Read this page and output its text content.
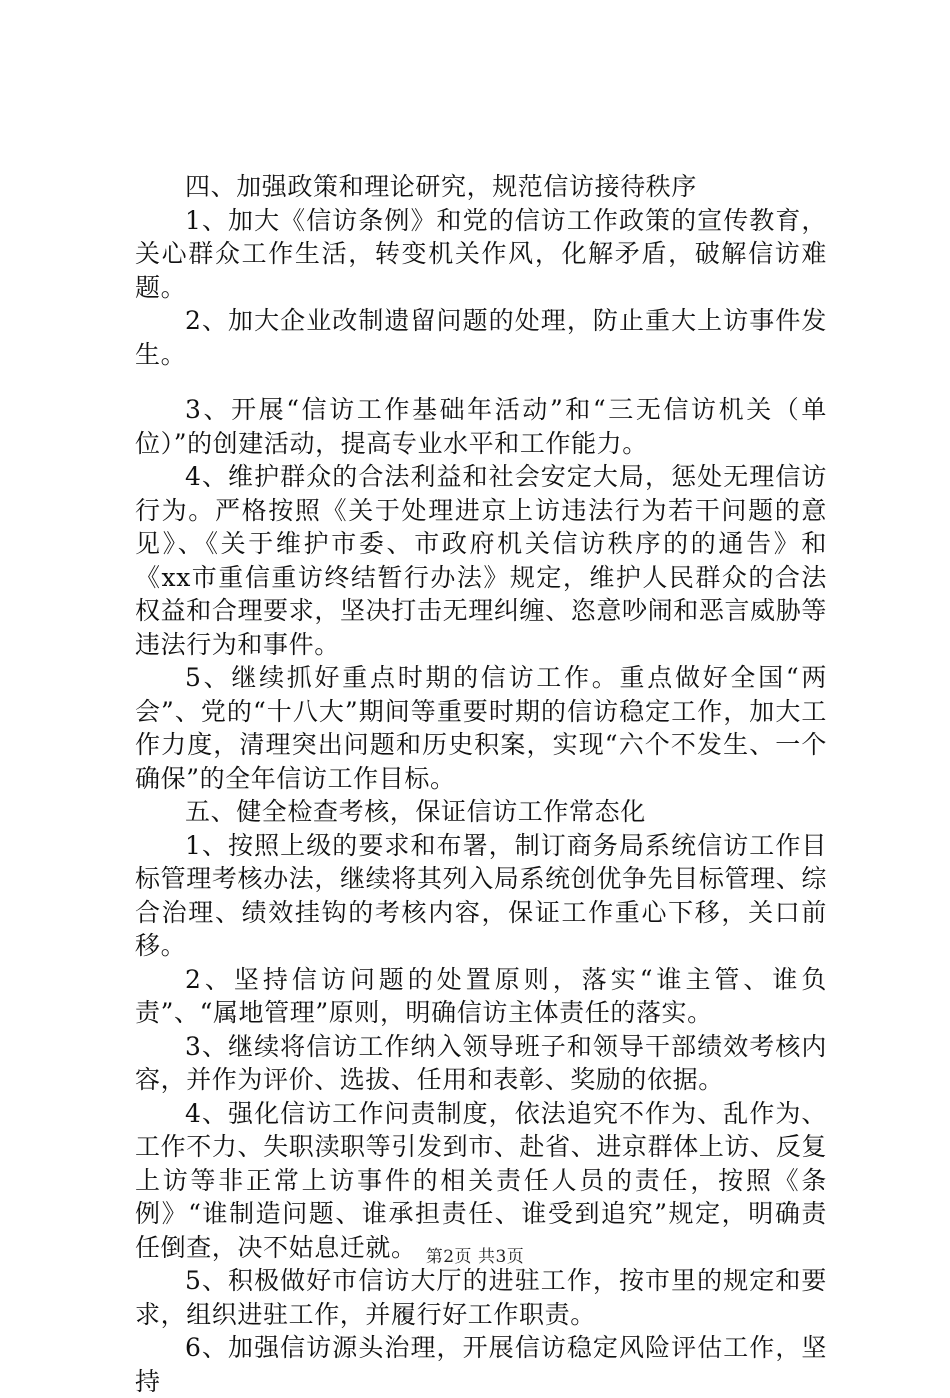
四、加强政策和理论研究，规范信访接待秩序

1、加大《信访条例》和党的信访工作政策的宣传教育，关心群众工作生活，转变机关作风，化解矛盾，破解信访难题。

2、加大企业改制遗留问题的处理，防止重大上访事件发生。

3、开展“信访工作基础年活动”和“三无信访机关（单位）”的创建活动，提高专业水平和工作能力。

4、维护群众的合法利益和社会安定大局，惩处无理信访行为。严格按照《关于处理进京上访违法行为若干问题的意见》、《关于维护市委、市政府机关信访秩序的的通告》和《xx市重信重访终结暂行办法》规定，维护人民群众的合法权益和合理要求，坚决打击无理纠缠、恣意吵闹和恶言威胁等违法行为和事件。

5、继续抓好重点时期的信访工作。重点做好全国“两会”、党的“十八大”期间等重要时期的信访稳定工作，加大工作力度，清理突出问题和历史积案，实现“六个不发生、一个确保”的全年信访工作目标。

五、健全检查考核，保证信访工作常态化

1、按照上级的要求和布署，制订商务局系统信访工作目标管理考核办法，继续将其列入局系统创优争先目标管理、综合治理、绩效挂钩的考核内容，保证工作重心下移，关口前移。

2、坚持信访问题的处置原则，落实“谁主管、谁负责”、“属地管理”原则，明确信访主体责任的落实。

3、继续将信访工作纳入领导班子和领导干部绩效考核内容，并作为评价、选拔、任用和表彰、奖励的依据。

4、强化信访工作问责制度，依法追究不作为、乱作为、工作不力、失职渎职等引发到市、赴省、进京群体上访、反复上访等非正常上访事件的相关责任人员的责任，按照《条例》“谁制造问题、谁承担责任、谁受到追究”规定，明确责任倒查，决不姑息迁就。

5、积极做好市信访大厅的进驻工作，按市里的规定和要求，组织进驻工作，并履行好工作职责。

6、加强信访源头治理，开展信访稳定风险评估工作，坚持

第2页 共3页
